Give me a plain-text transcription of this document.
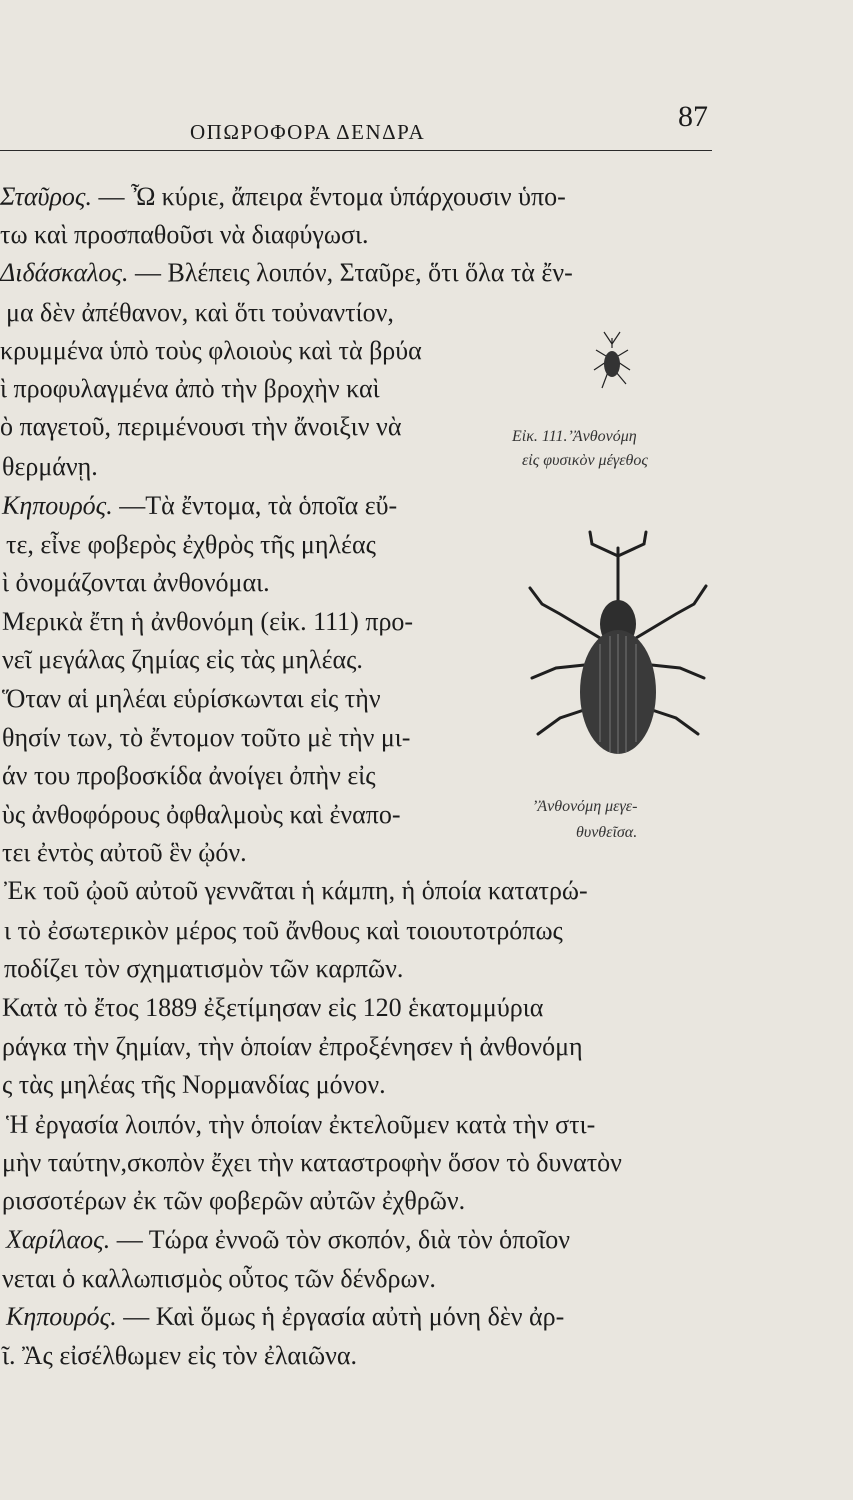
ΟΠΩΡΟΦΟΡΑ ΔΕΝΔΡΑ	87
Σταῦρος. — Ὦ κύριε, ἄπειρα ἔντομα ὑπάρχουσιν ὑπο-
τω καὶ προσπαθοῦσι νὰ διαφύγωσι.
Διδάσκαλος. — Βλέπεις λοιπόν, Σταῦρε, ὅτι ὅλα τὰ ἔν-
μα δὲν ἀπέθανον, καὶ ὅτι τοὐναντίον,
κρυμμένα ὑπὸ τοὺς φλοιοὺς καὶ τὰ βρύα
ὶ προφυλαγμένα ἀπὸ τὴν βροχὴν καὶ
ὸ παγετοῦ, περιμένουσι τὴν ἄνοιξιν νὰ
θερμάνῃ.
Κηπουρός. —Τὰ ἔντομα, τὰ ὁποῖα εὔ-
τε, εἶνε φοβερὸς ἐχθρὸς τῆς μηλέας
ὶ ὀνομάζονται ἀνθονόμαι.
Μερικὰ ἔτη ἡ ἀνθονόμη (εἰκ. 111) προ-
νεῖ μεγάλας ζημίας εἰς τὰς μηλέας.
Ὅταν αἱ μηλέαι εὑρίσκωνται εἰς τὴν
θησίν των, τὸ ἔντομον τοῦτο μὲ τὴν μι-
άν του προβοσκίδα ἀνοίγει ὀπὴν εἰς
ὺς ἀνθοφόρους ὀφθαλμοὺς καὶ ἐναπο-
τει ἐντὸς αὐτοῦ ἓν ᾠόν.
Ἐκ τοῦ ᾠοῦ αὐτοῦ γεννᾶται ἡ κάμπη, ἡ ὁποία κατατρώ-
ι τὸ ἐσωτερικὸν μέρος τοῦ ἄνθους καὶ τοιουτοτρόπως
ποδίζει τὸν σχηματισμὸν τῶν καρπῶν.
Κατὰ τὸ ἔτος 1889 ἐξετίμησαν εἰς 120 ἑκατομμύρια
ράγκα τὴν ζημίαν, τὴν ὁποίαν ἐπροξένησεν ἡ ἀνθονόμη
ς τὰς μηλέας τῆς Νορμανδίας μόνον.
Ἡ ἐργασία λοιπόν, τὴν ὁποίαν ἐκτελοῦμεν κατὰ τὴν στι-
μὴν ταύτην,σκοπὸν ἔχει τὴν καταστροφὴν ὅσον τὸ δυνατὸν
ρισσοτέρων ἐκ τῶν φοβερῶν αὐτῶν ἐχθρῶν.
Χαρίλαος. — Τώρα ἐννοῶ τὸν σκοπόν, διὰ τὸν ὁποῖον
νεται ὁ καλλωπισμὸς οὗτος τῶν δένδρων.
Κηπουρός. — Καὶ ὅμως ἡ ἐργασία αὐτὴ μόνη δὲν ἀρ-
ῖ. Ἂς εἰσέλθωμεν εἰς τὸν ἐλαιῶνα.
Εἰκ. 111.’Ἀνθονόμη
εἰς φυσικὸν μέγεθος
’Ἀνθονόμη μεγε-
θυνθεῖσα.
